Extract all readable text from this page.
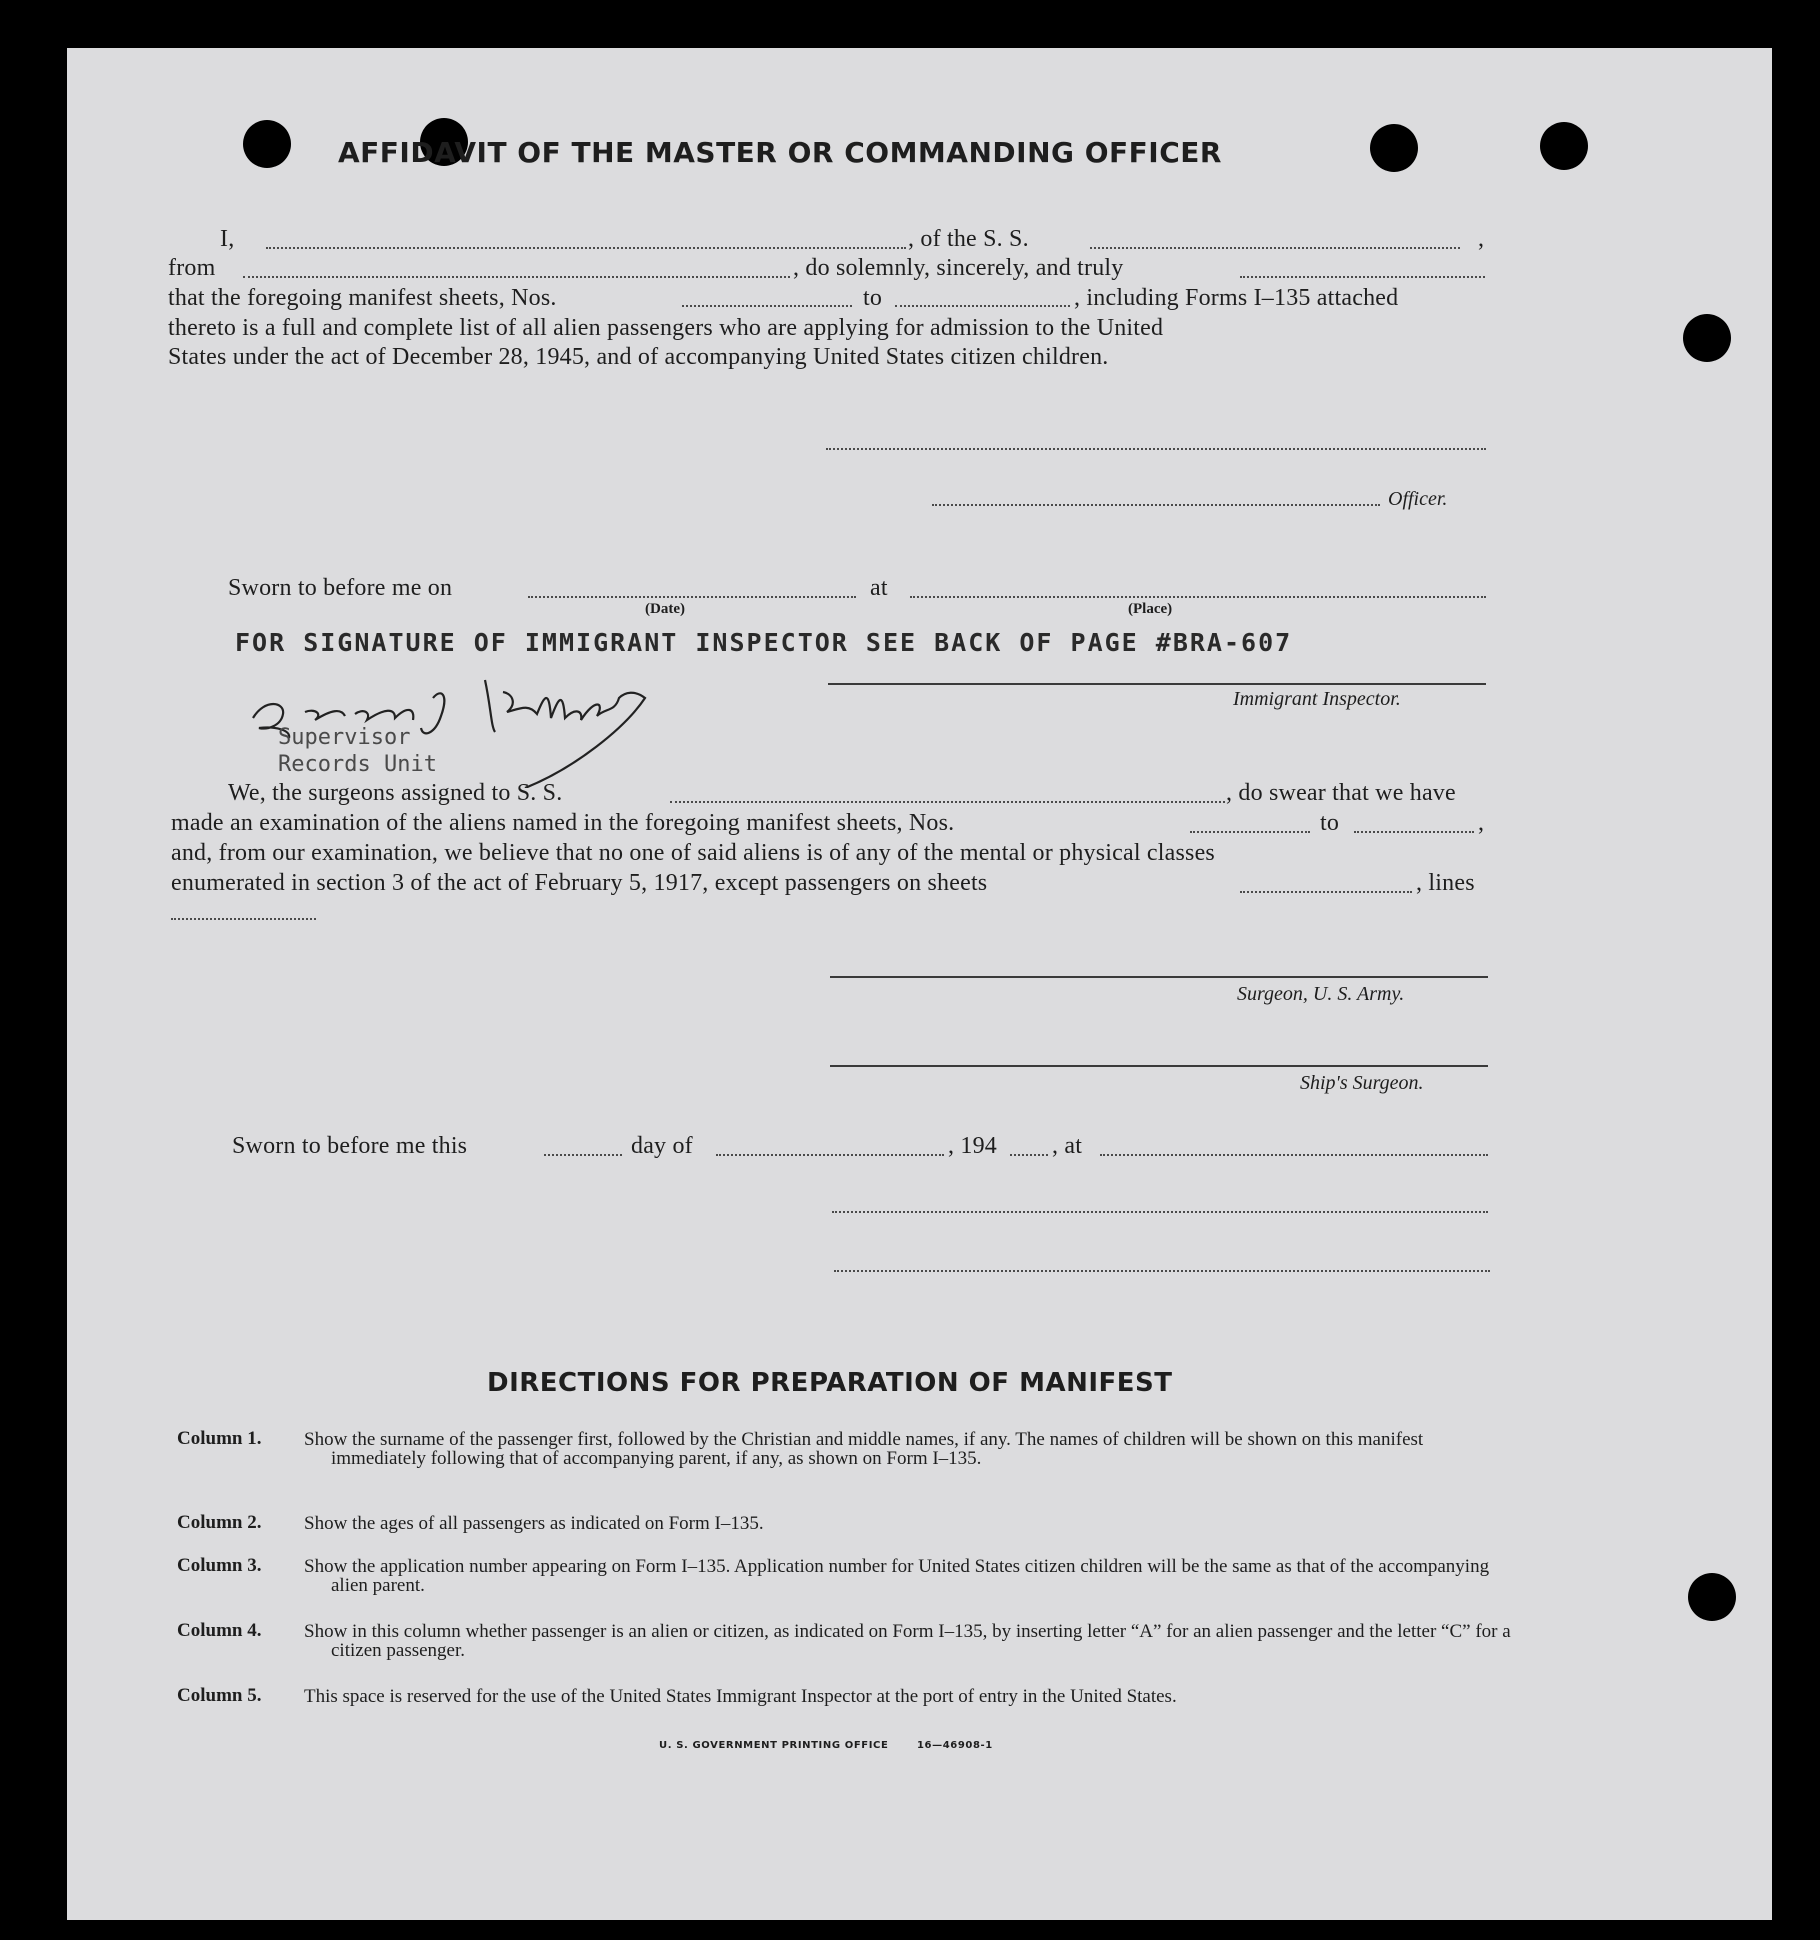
AFFIDAVIT OF THE MASTER OR COMMANDING OFFICER
I,	, of the S. S.	,
from	, do solemnly, sincerely, and truly
that the foregoing manifest sheets, Nos.	to	, including Forms I–135 attached
thereto is a full and complete list of all alien passengers who are applying for admission to the United
States under the act of December 28, 1945, and of accompanying United States citizen children.
Officer.
Sworn to before me on	at
(Date)	(Place)
FOR SIGNATURE OF IMMIGRANT INSPECTOR SEE BACK OF PAGE #BRA-607
Supervisor
Records Unit
Immigrant Inspector.
We, the surgeons assigned to S. S.	, do swear that we have
made an examination of the aliens named in the foregoing manifest sheets, Nos.	to	,
and, from our examination, we believe that no one of said aliens is of any of the mental or physical classes
enumerated in section 3 of the act of February 5, 1917, except passengers on sheets	, lines
Surgeon, U. S. Army.
Ship's Surgeon.
Sworn to before me this	day of	, 194 , at
DIRECTIONS FOR PREPARATION OF MANIFEST
Column 1. Show the surname of the passenger first, followed by the Christian and middle names, if any. The names of children will be shown on this manifest immediately following that of accompanying parent, if any, as shown on Form I–135.
Column 2. Show the ages of all passengers as indicated on Form I–135.
Column 3. Show the application number appearing on Form I–135. Application number for United States citizen children will be the same as that of the accompanying alien parent.
Column 4. Show in this column whether passenger is an alien or citizen, as indicated on Form I–135, by inserting letter “A” for an alien passenger and the letter “C” for a citizen passenger.
Column 5. This space is reserved for the use of the United States Immigrant Inspector at the port of entry in the United States.
U. S. GOVERNMENT PRINTING OFFICE	16—46908-1
